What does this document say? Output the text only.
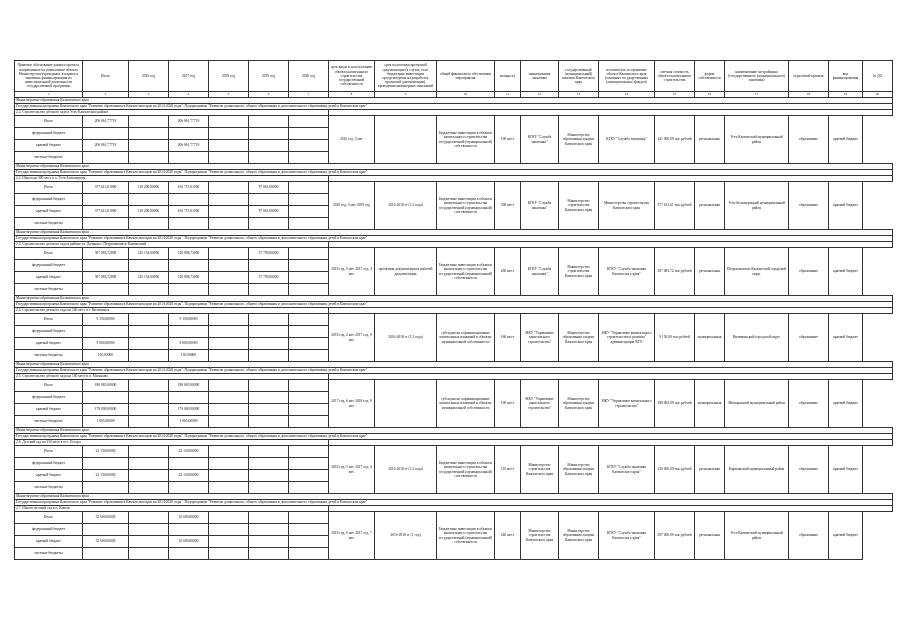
Правовое обоснование данного проекта, направленное на уменьшение объекта Министерства/учреждения, в нормах и значениях финансирования по инвестиционной деятельности государственной программы	Итого	2016 год	2017 год	2018 год	2019 год	2020 год	срок ввода в эксплуатацию объекта капитального строительства государственной собственности	срок подготовки проектной документации (в случае, если бюджетные инвестиции предусмотрены на разработку проектной документации), проведения инженерных изысканий	общий финансового обеспечения мероприятия	мощность	наименование заказчика	государственный (муниципальный) заказчик Камчатского края	исполнитель по принятию объекта Камчатского края (основных государственных (муниципальных) фондов)	сметная стоимость объекта капитального строительства	форма собственности	наименование застройщика (государственного (муниципального) заказчика)	отраслевой признак	вид финансирования	№ ДО
1	2	3	4	5	6	7	8	9	10	11	12	13	14	15	16	17	18	19	20
Министерство образования Камчатского края																			
Государственная программа Камчатского края "Развитие образования в Камчатском крае на 2014-2020 годы". Подпрограмма "Развитие дошкольного, общего образования и дополнительного образования детей в Камчатском крае"																			
2.2. Строительство детского сада в Усть-Камчатском районе																			
Итого	206 061,77719		206 061,77719				2016 год, 5 мес		Бюджетные инвестиции в объекты капитального строительства государственной (муниципальной) собственности	160 мест	КГКУ "Служба заказчика"	Министерство образования и науки Камчатского края	КГКУ "Служба заказчика"	441 000,00 тыс.рублей	региональная	Усть-Камчатский муниципальный район	образование	краевой бюджет	
федеральный бюджет																			
краевой бюджет	206 061,77719		206 061,77719																
местные бюджеты																			
Министерство образования Камчатского края																			
Государственная программа Камчатского края "Развитие образования в Камчатском крае на 2014-2020 годы". Подпрограмма "Развитие дошкольного, общего образования и дополнительного образования детей в Камчатском крае"																			
2.2. Школа на 300 мест в п. Усть-Большерецк																			
Итого	377 613,61000	110 200,00000	162 757,61000		97 661,00000		2018 год, 5 мес 2019 год	2016-2018 гг (1,5 года)	Бюджетные инвестиции в объекты капитального строительства государственной (муниципальной) собственности	300 мест	КГКУ "Служба заказчика"	Министерство строительства Камчатского края	Министерство строительства Камчатского края	377 613,61 тыс.рублей	региональная	Усть-Большерецкий муниципальный район	образование	краевой бюджет	
федеральный бюджет																			
краевой бюджет	377 613,61000	110 200,00000	162 757,61000		97 661,00000														
местные бюджеты																			
Министерство образования Камчатского края																			
Государственная программа Камчатского края "Развитие образования в Камчатском крае на 2014-2020 годы". Подпрограмма "Развитие дошкольного, общего образования и дополнительного образования детей в Камчатском крае"																			
2.3. Строительство детского сада в районе ул. Дальняя г. Петропавловск-Камчатский																			
Итого	307 083,72000	145 154,00000	120 008,72000		57 700,00000		2018 год, 5 мес 2017 год, 4 мес	проектная документация в рабочей документации	Бюджетные инвестиции в объекты капитального строительства государственной (муниципальной) собственности	260 мест	КГКУ "Служба заказчика"	Министерство строительства Камчатского края	КГКУ "Служба заказчика Камчатского края"	307 083,72 тыс.рублей	региональная	Петропавловск-Камчатский городской округ	образование	краевой бюджет	
федеральный бюджет																			
краевой бюджет	307 083,72000	145 154,00000	120 008,72000		57 700,00000														
местные бюджеты																			
Министерство образования Камчатского края																			
Государственная программа Камчатского края "Развитие образования в Камчатском крае на 2014-2020 годы". Подпрограмма "Развитие дошкольного, общего образования и дополнительного образования детей в Камчатском крае"																			
2.4. Строительство детского сада на 160 мест в г. Вилючинск																			
Итого	9 150,00000		9 150,00000				2018 год, 2 мес 2017 год, 9 мес	2016-2018 гг (1,5 года)	субсидии на софинансирование капитальных вложений в объекты муниципальной собственности	160 мест	МКУ "Управление капитального строительства"	Министерство образования и науки Камчатского края	МКУ "Управление капитального строительства и ремонта" администрации ВГО	9 150,00 тыс.рублей	муниципальная	Вилючинский городской округ	образование	краевой бюджет	
федеральный бюджет																			
краевой бюджет	9 000,00000		9 000,00000																
местные бюджеты	150,00000		150,00000																
Министерство образования Камчатского края																			
Государственная программа Камчатского края "Развитие образования в Камчатском крае на 2014-2020 годы". Подпрограмма "Развитие дошкольного, общего образования и дополнительного образования детей в Камчатском крае"																			
2.5. Строительство детского сада на 160 мест в п. Мильково																			
Итого	180 065,00000		180 065,00000				2017 год, 6 мес 2018 год, 9 мес		субсидии на софинансирование капитальных вложений в объекты муниципальной собственности	160 мест	МКУ "Управление капитального строительства"	Министерство образования и науки Камчатского края	МКУ "Управление капитального строительства"	180 065,00 тыс.рублей	муниципальная	Мильковский муниципальный район	образование	краевой бюджет	
федеральный бюджет																			
краевой бюджет	179 000,00000		179 000,00000																
местные бюджеты	1 065,00000		1 065,00000																
Министерство образования Камчатского края																			
Государственная программа Камчатского края "Развитие образования в Камчатском крае на 2014-2020 годы". Подпрограмма "Развитие дошкольного, общего образования и дополнительного образования детей в Камчатском крае"																			
2.6. Детский сад на 110 мест в пгт. Оссора																			
Итого	22 130,00000		22 130,00000				2018 год, 5 мес 2017 год, 4 мес	2016-2018 гг (1,5 года)	Бюджетные инвестиции в объекты капитального строительства государственной (муниципальной) собственности	110 мест	Министерство строительства Камчатского края	Министерство образования и науки Камчатского края	КГКУ "Служба заказчика Камчатского края"	230 000,00 тыс.рублей	региональная	Карагинский муниципальный район	образование	краевой бюджет	
федеральный бюджет																			
краевой бюджет	22 130,00000		22 130,00000																
местные бюджеты																			
Министерство образования Камчатского края																			
Государственная программа Камчатского края "Развитие образования в Камчатском крае на 2014-2020 годы". Подпрограмма "Развитие дошкольного, общего образования и дополнительного образования детей в Камчатском крае"																			
2.7. Школа-детский сад в п. Ключи																			
Итого	32 600,00000		32 600,00000				2018 год, 6 мес 2017 год, 7 мес	2016-2016 гг (1 год)	Бюджетные инвестиции в объекты капитального строительства государственной (муниципальной) собственности	240 мест	Министерство строительства Камчатского края	Министерство образования и науки Камчатского края	КГКУ "Служба заказчика Камчатского края"	297 000,00 тыс.рублей	региональная	Усть-Камчатский муниципальный район	образование	краевой бюджет	
федеральный бюджет																			
краевой бюджет	32 600,00000		32 600,00000																
местные бюджеты																			
